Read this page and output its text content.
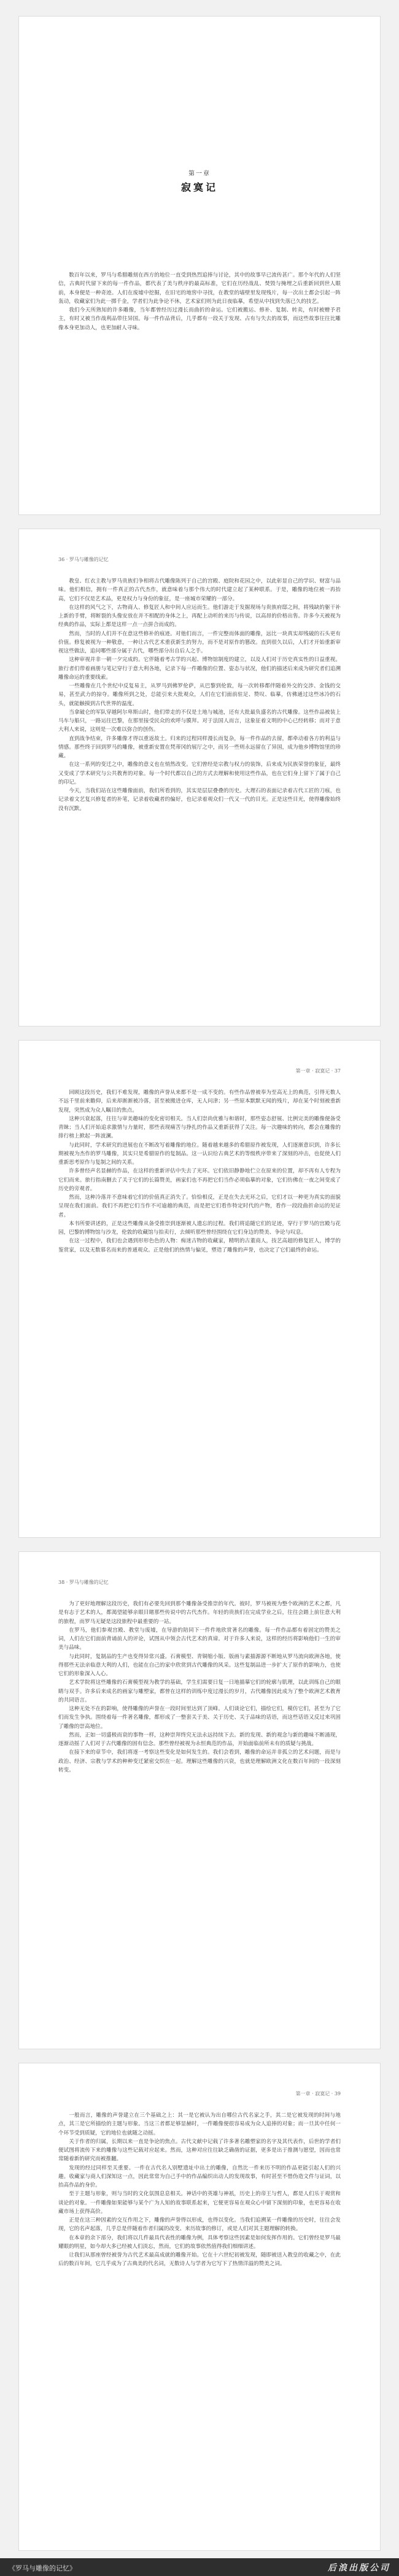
第一章
寂寞记

数百年以来，罗马与希腊雕刻在西方的地位一直受到热烈追捧与讨论，其中的故事早已流传甚广。那个年代的人们坚信，古典时代留下来的每一件作品，都代表了美与秩序的最高标准，它们在历经战乱、焚毁与掩埋之后重新回到世人眼前，本身便是一种奇迹。人们在废墟中挖掘，在旧宅的地窖中寻找，在教堂的墙壁里发现残片，每一次出土都会引起一阵轰动，收藏家们为此一掷千金，学者们为此争论不休，艺术家们则为此日夜临摹，希望从中找到失落已久的技艺。

我们今天所熟知的许多雕像，当年都曾经历过漫长而曲折的命运。它们被搬运、修补、复制、转卖，有时被赠予君主，有时又被当作战利品带往异国。每一件作品背后，几乎都有一段关于发现、占有与失去的故事，而这些故事往往比雕像本身更加动人，也更加耐人寻味。

36 · 罗马与雕像的记忆

教皇、红衣主教与罗马贵族们争相将古代雕像陈列于自己的宫殿、庭院和花园之中，以此彰显自己的学识、财富与品味。他们相信，拥有一件真正的古代杰作，就意味着与那个伟大的时代建立起了某种联系。于是，雕像的地位被一再抬高，它们不仅是艺术品，更是权力与身份的象征，是一座城市荣耀的一部分。

在这样的风气之下，古物商人、修复匠人和中间人应运而生。他们游走于发掘现场与贵族府邸之间，将残缺的躯干补上新的手臂，将断裂的头像安放在并不相配的身体之上，再配上动听的来历与传说，以高昂的价格出售。许多今天被视为经典的作品，实际上都是这样一点一点拼合而成的。

然而，当时的人们并不在意这些修补的痕迹。对他们而言，一件完整而体面的雕像，远比一块真实却残破的石头更有价值。修复被视为一种敬意，一种让古代艺术重获新生的努力，而不是对原作的篡改。直到很久以后，人们才开始重新审视这些做法，追问哪些部分属于古代，哪些部分出自后人之手。

这种审视并非一朝一夕完成的。它伴随着考古学的兴起、博物馆制度的建立，以及人们对于历史真实性的日益重视。旅行者们带着画册与笔记穿行于意大利各地，记录下每一件雕像的位置、姿态与状况，他们的描述后来成为研究者们追溯雕像命运的重要线索。

一些雕像在几个世纪中反复易主，从罗马到佛罗伦萨，从巴黎到伦敦，每一次转移都伴随着外交的交涉、金钱的交易，甚至武力的掠夺。雕像所到之处，总能引来大批观众，人们在它们面前驻足、赞叹、临摹，仿佛通过这些冰冷的石头，就能触摸到古代世界的温度。

当拿破仑的军队穿越阿尔卑斯山时，他们带走的不仅是土地与城池，还有大批最负盛名的古代雕像。这些作品被装上马车与船只，一路运往巴黎，在那里接受民众的欢呼与膜拜。对于法国人而言，这象征着文明的中心已经转移；而对于意大利人来说，这则是一次难以弥合的创伤。

直到战争结束，许多雕像才得以重返故土。归来的过程同样漫长而复杂，每一件作品的去留，都牵动着各方的利益与情感。那些终于回到罗马的雕像，被重新安置在梵蒂冈的展厅之中，而另一些则永远留在了异国，成为他乡博物馆里的珍藏。

在这一系列的变迁之中，雕像的意义也在悄然改变。它们曾经是宗教与权力的装饰，后来成为民族荣誉的象征，最终又变成了学术研究与公共教育的对象。每一个时代都以自己的方式去理解和使用这些作品，也在它们身上留下了属于自己的印记。

今天，当我们站在这些雕像面前，我们所看到的，其实是层层叠叠的历史。大理石的表面记录着古代工匠的刀痕，也记录着文艺复兴修复者的补笔，记录着收藏者的偏好，也记录着观众们一代又一代的目光。正是这些目光，使得雕像始终没有沉默。

第一章 · 寂寞记 · 37

回顾这段历史，我们不难发现，雕像的声誉从来都不是一成不变的。有些作品曾被奉为至高无上的典范，引得无数人不远千里前来瞻仰，后来却渐渐被冷落，甚至被搬进仓库，无人问津；另一些原本默默无闻的残片，却在某个时刻被重新发现，突然成为众人瞩目的焦点。

这种兴衰起落，往往与审美趣味的变化密切相关。当人们崇尚优雅与和谐时，那些姿态舒展、比例完美的雕像便备受青睐；当人们开始追求激情与力量时，那些表现痛苦与挣扎的作品又重新获得了关注。每一次趣味的转向，都会在雕像的排行榜上掀起一阵波澜。

与此同时，学术研究的进展也在不断改写着雕像的地位。随着越来越多的希腊原作被发现，人们逐渐意识到，许多长期被视为杰作的罗马雕像，其实只是希腊原作的复制品。这一认识给古典艺术的等级秩序带来了深刻的冲击，也促使人们重新思考原作与复制之间的关系。

许多曾经声名显赫的作品，在这样的重新评估中失去了光环。它们依旧静静地伫立在原来的位置，却不再有人专程为它们而来。旅行指南删去了关于它们的长篇赞美，画家们也不再把它们当作必须临摹的对象，它们仿佛在一夜之间变成了历史的旁观者。

然而，这种冷落并不意味着它们的价值真正消失了。恰恰相反，正是在失去光环之后，它们才以一种更为真实的面貌呈现在我们面前。我们不再把它们当作不可逾越的典范，而是把它们看作特定时代的产物，看作一段段曲折命运的见证者。

本书所要讲述的，正是这些雕像从备受推崇到逐渐被人遗忘的过程。我们将追随它们的足迹，穿行于罗马的宫殿与花园，巴黎的博物馆与沙龙，伦敦的收藏馆与拍卖行，去倾听那些曾经围绕在它们身边的赞美、争论与叹息。

在这一过程中，我们也会遇到形形色色的人物：痴迷古物的收藏家，精明的古董商人，技艺高超的修复匠人，博学的鉴赏家，以及无数慕名而来的普通观众。正是他们的热情与偏见，塑造了雕像的声誉，也决定了它们最终的命运。

38 · 罗马与雕像的记忆

为了更好地理解这段历史，我们有必要先回到那个雕像备受推崇的年代。彼时，罗马被视为整个欧洲的艺术之都，凡是有志于艺术的人，都渴望能够亲眼目睹那些传说中的古代杰作。年轻的贵族们在完成学业之后，往往会踏上前往意大利的旅程，而罗马无疑是这段旅程中最重要的一站。

在罗马，他们参观宫殿、教堂与废墟，在导游的陪同下一件件地欣赏著名的雕像。每一件作品都有着固定的赞美之词，人们在它们面前背诵前人的评论，试图从中领会古代艺术的真谛。对于许多人来说，这样的经历将影响他们一生的审美与品味。

与此同时，复制品的生产也变得异常兴盛。石膏模型、青铜缩小版、版画与素描源源不断地从罗马流向欧洲各地，使得那些无法亲临意大利的人们，也能在自己的家中欣赏到古代雕像的风采。这些复制品进一步扩大了原作的影响力，也使它们的形象深入人心。

艺术学院将这些雕像的石膏模型视为教学的基础，学生们需要日复一日地描摹它们的轮廓与肌理，以此训练自己的眼睛与双手。许多后来成名的画家与雕塑家，都曾在这样的训练中度过漫长的岁月，古代雕像因此成为了整个欧洲艺术教育的共同语言。

这种无处不在的影响，使得雕像的声誉在一段时间里达到了顶峰。人们谈论它们，描绘它们，模仿它们，甚至为了它们而发生争执。围绕着每一件著名雕像，都形成了一整套关于美、关于历史、关于品味的话语，而这些话语又反过来巩固了雕像的崇高地位。

然而，正如一切盛极而衰的事物一样，这种崇拜终究无法永远持续下去。新的发现、新的观念与新的趣味不断涌现，逐渐动摇了人们对于古代雕像的固有信念。那些曾经被视为永恒典范的作品，开始面临前所未有的质疑与挑战。

在接下来的章节中，我们将逐一考察这些变化是如何发生的。我们会看到，雕像的命运并非孤立的艺术问题，而是与政治、经济、宗教与学术的种种变迁紧密交织在一起。理解这些雕像的兴衰，也就是理解欧洲文化在数百年间的一段深刻转变。

第一章 · 寂寞记 · 39

一般而言，雕像的声誉建立在三个基础之上：其一是它被认为出自哪位古代名家之手，其二是它被发现的时间与地点，其三是它所描绘的主题与形象。当这三者都足够显赫时，一件雕像便很容易成为众人追捧的对象；而一旦其中任何一个环节受到质疑，它的地位也就随之动摇。

关于作者的归属，长期以来一直是争论的焦点。古代文献中记载了许多著名雕塑家的名字及其代表作，后世的学者们便试图将流传下来的雕像与这些记载对应起来。然而，这种对应往往缺乏确凿的证据，更多是出于推测与愿望，因而也常常随着新的研究而被推翻。

发现的经过同样至关重要。一件在古代名人别墅遗址中出土的雕像，自然比一件来历不明的作品更能引起人们的兴趣。收藏家与商人们深知这一点，因此常常为自己手中的作品编织出动人的发现故事，有时甚至不惜伪造文件与证词，以抬高作品的身价。

至于主题与形象，则与当时的文化氛围息息相关。神话中的英雄与神祇，历史上的帝王与哲人，都是人们乐于观赏和谈论的对象。一件雕像如果能够与某个广为人知的故事联系起来，它便更容易在观众心中留下深刻的印象，也更容易在收藏市场上获得高价。

正是在这三种因素的交互作用之下，雕像的声誉得以形成，也得以变化。当我们追溯某一件雕像的历史时，往往会发现，它的名声起落，几乎总是伴随着作者归属的改变、来历故事的修订，或是人们对其主题理解的转换。

在本章的余下部分，我们将以几件最具代表性的雕像为例，具体考察这些因素是如何发挥作用的。它们曾经是罗马最耀眼的明星，如今却大多已经被人们淡忘，然而，它们的故事依然值得我们细细讲述。

让我们从那座曾经被誉为古代艺术最高成就的雕像开始。它在十六世纪初被发现，随即被送入教皇的收藏之中，在此后的数百年间，它几乎成为了古典美的代名词，无数诗人与学者为它写下了热情洋溢的赞美之词。

《罗马与雕像的记忆》	后浪出版公司
